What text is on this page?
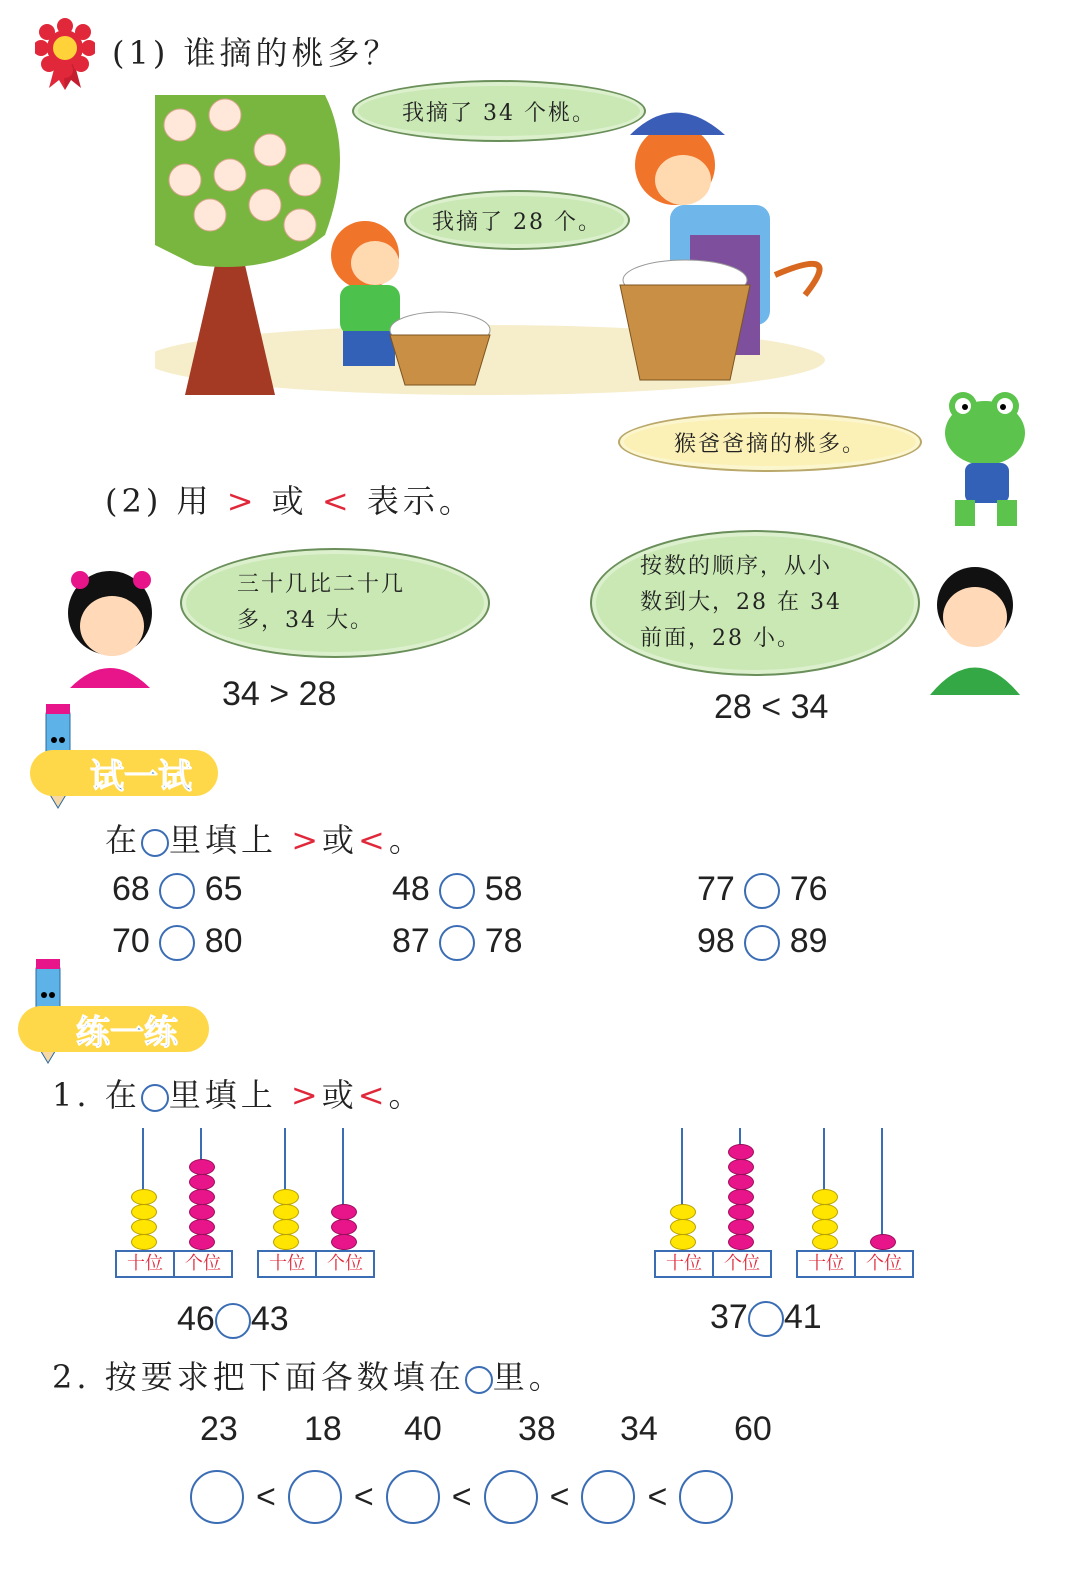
(1) 谁摘的桃多？
我摘了 34 个桃。
我摘了 28 个。
猴爸爸摘的桃多。
(2) 用 > 或 < 表示。
三十几比二十几
多，34 大。
34 > 28
按数的顺序，从小
数到大，28 在 34
前面，28 小。
28 < 34
试一试
在 里填上 >或<。
68 65	48 58	77 76
70 80	87 78	98 89
练一练
1. 在 里填上 >或<。
十位	个位	十位	个位	十位	个位	十位	个位
46 43	37 41
2. 按要求把下面各数填在 里。
23 18 40 38 34 60
< < < < <
